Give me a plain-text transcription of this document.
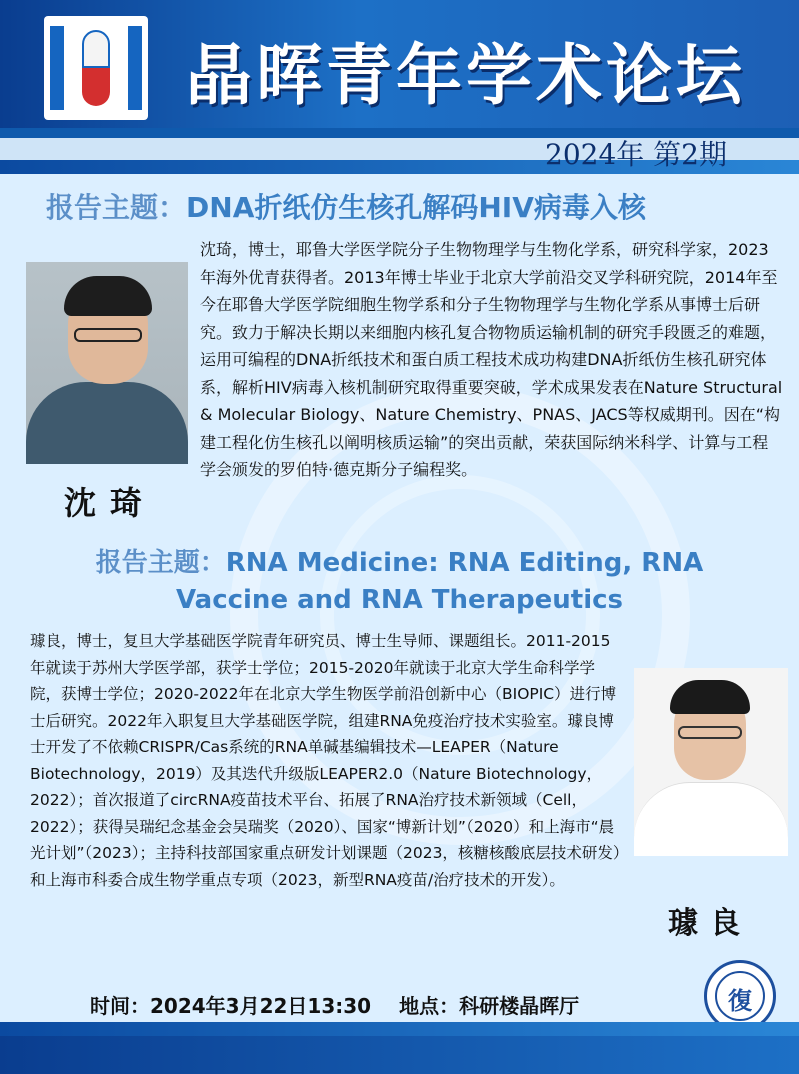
晶晖青年学术论坛
2024年 第2期
报告主题：DNA折纸仿生核孔解码HIV病毒入核
沈琦
沈琦，博士，耶鲁大学医学院分子生物物理学与生物化学系，研究科学家，2023年海外优青获得者。2013年博士毕业于北京大学前沿交叉学科研究院，2014年至今在耶鲁大学医学院细胞生物学系和分子生物物理学与生物化学系从事博士后研究。致力于解决长期以来细胞内核孔复合物物质运输机制的研究手段匮乏的难题，运用可编程的DNA折纸技术和蛋白质工程技术成功构建DNA折纸仿生核孔研究体系，解析HIV病毒入核机制研究取得重要突破，学术成果发表在Nature Structural & Molecular Biology、Nature Chemistry、PNAS、JACS等权威期刊。因在“构建工程化仿生核孔以阐明核质运输”的突出贡献，荣获国际纳米科学、计算与工程学会颁发的罗伯特·德克斯分子编程奖。
报告主题：RNA Medicine: RNA Editing, RNA
Vaccine and RNA Therapeutics
璩良，博士，复旦大学基础医学院青年研究员、博士生导师、课题组长。2011-2015年就读于苏州大学医学部，获学士学位；2015-2020年就读于北京大学生命科学学院，获博士学位；2020-2022年在北京大学生物医学前沿创新中心（BIOPIC）进行博士后研究。2022年入职复旦大学基础医学院，组建RNA免疫治疗技术实验室。璩良博士开发了不依赖CRISPR/Cas系统的RNA单碱基编辑技术—LEAPER（Nature Biotechnology，2019）及其迭代升级版LEAPER2.0（Nature Biotechnology，2022）；首次报道了circRNA疫苗技术平台、拓展了RNA治疗技术新领域（Cell，2022）；获得吴瑞纪念基金会吴瑞奖（2020）、国家“博新计划”（2020）和上海市“晨光计划”（2023）；主持科技部国家重点研发计划课题（2023，核糖核酸底层技术研发）和上海市科委合成生物学重点专项（2023，新型RNA疫苗/治疗技术的开发）。
璩良
时间：2024年3月22日13:30 地点：科研楼晶晖厅	復
